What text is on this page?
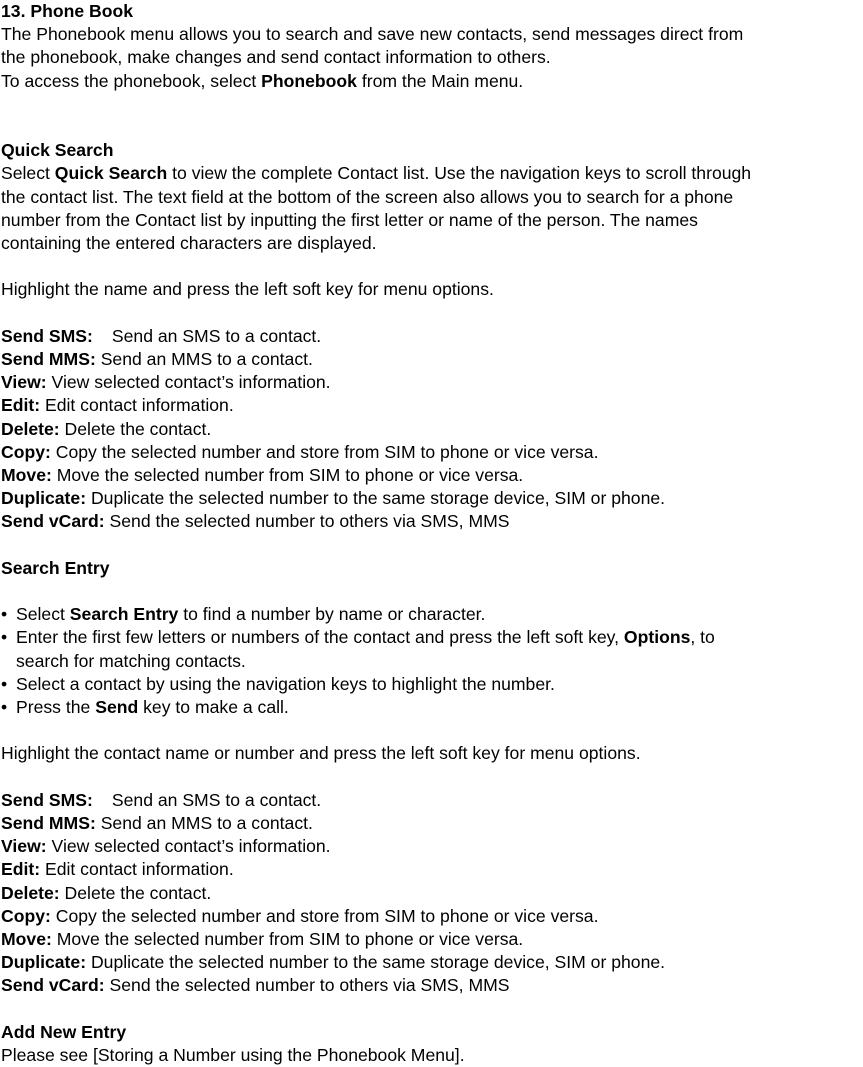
13. Phone Book
The Phonebook menu allows you to search and save new contacts, send messages direct from
the phonebook, make changes and send contact information to others.
To access the phonebook, select Phonebook from the Main menu.
Quick Search
Select Quick Search to view the complete Contact list. Use the navigation keys to scroll through
the contact list. The text field at the bottom of the screen also allows you to search for a phone
number from the Contact list by inputting the first letter or name of the person. The names
containing the entered characters are displayed.
Highlight the name and press the left soft key for menu options.
Send SMS: Send an SMS to a contact.
Send MMS: Send an MMS to a contact.
View: View selected contact’s information.
Edit: Edit contact information.
Delete: Delete the contact.
Copy: Copy the selected number and store from SIM to phone or vice versa.
Move: Move the selected number from SIM to phone or vice versa.
Duplicate: Duplicate the selected number to the same storage device, SIM or phone.
Send vCard: Send the selected number to others via SMS, MMS
Search Entry
• Select Search Entry to find a number by name or character.
• Enter the first few letters or numbers of the contact and press the left soft key, Options, to
search for matching contacts.
• Select a contact by using the navigation keys to highlight the number.
• Press the Send key to make a call.
Highlight the contact name or number and press the left soft key for menu options.
Send SMS: Send an SMS to a contact.
Send MMS: Send an MMS to a contact.
View: View selected contact’s information.
Edit: Edit contact information.
Delete: Delete the contact.
Copy: Copy the selected number and store from SIM to phone or vice versa.
Move: Move the selected number from SIM to phone or vice versa.
Duplicate: Duplicate the selected number to the same storage device, SIM or phone.
Send vCard: Send the selected number to others via SMS, MMS
Add New Entry
Please see [Storing a Number using the Phonebook Menu].
